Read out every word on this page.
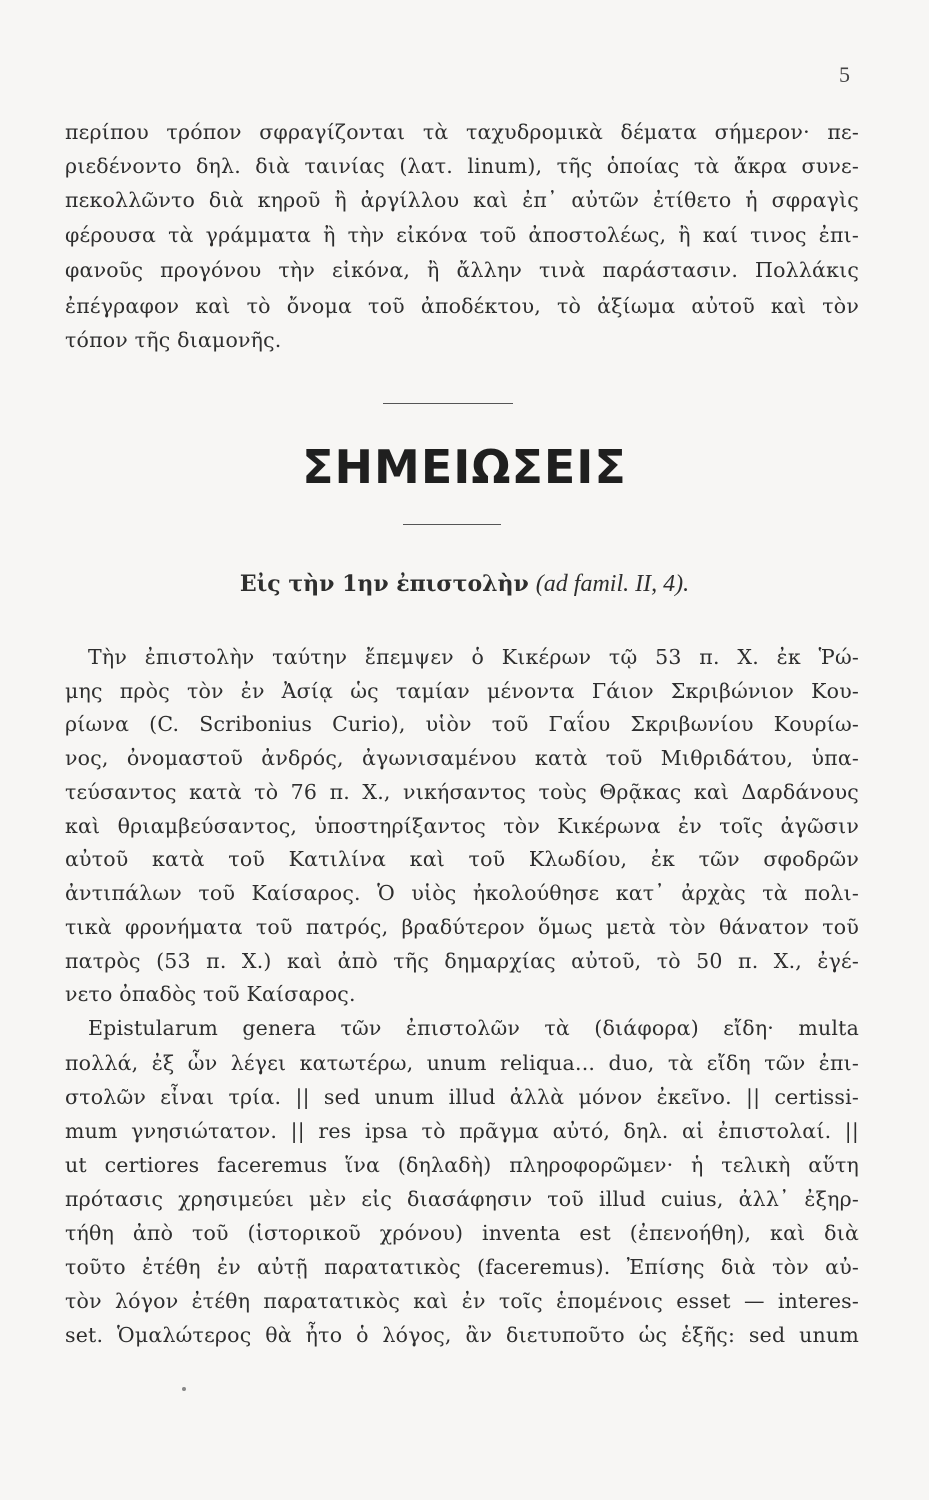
5
περίπου τρόπον σφραγίζονται τὰ ταχυδρομικὰ δέματα σήμερον· πε-
ριεδένοντο δηλ. διὰ ταινίας (λατ. linum), τῆς ὁποίας τὰ ἄκρα συνε-
πεκολλῶντο διὰ κηροῦ ἢ ἀργίλλου καὶ ἐπ᾽ αὐτῶν ἐτίθετο ἡ σφραγὶς
φέρουσα τὰ γράμματα ἢ τὴν εἰκόνα τοῦ ἀποστολέως, ἢ καί τινος ἐπι-
φανοῦς προγόνου τὴν εἰκόνα, ἢ ἄλλην τινὰ παράστασιν. Πολλάκις
ἐπέγραφον καὶ τὸ ὄνομα τοῦ ἀποδέκτου, τὸ ἀξίωμα αὐτοῦ καὶ τὸν
τόπον τῆς διαμονῆς.
ΣΗΜΕΙΩΣΕΙΣ
Εἰς τὴν 1ην ἐπιστολὴν (ad famil. II, 4).
Τὴν ἐπιστολὴν ταύτην ἔπεμψεν ὁ Κικέρων τῷ 53 π. Χ. ἐκ Ῥώ-
μης πρὸς τὸν ἐν Ἀσίᾳ ὡς ταμίαν μένοντα Γάιον Σκριβώνιον Κου-
ρίωνα (C. Scribonius Curio), υἱὸν τοῦ Γαΐου Σκριβωνίου Κουρίω-
νος, ὀνομαστοῦ ἀνδρός, ἀγωνισαμένου κατὰ τοῦ Μιθριδάτου, ὑπα-
τεύσαντος κατὰ τὸ 76 π. Χ., νικήσαντος τοὺς Θρᾷκας καὶ Δαρδάνους
καὶ θριαμβεύσαντος, ὑποστηρίξαντος τὸν Κικέρωνα ἐν τοῖς ἀγῶσιν
αὐτοῦ κατὰ τοῦ Κατιλίνα καὶ τοῦ Κλωδίου, ἐκ τῶν σφοδρῶν
ἀντιπάλων τοῦ Καίσαρος. Ὁ υἱὸς ἠκολούθησε κατ᾽ ἀρχὰς τὰ πολι-
τικὰ φρονήματα τοῦ πατρός, βραδύτερον ὅμως μετὰ τὸν θάνατον τοῦ
πατρὸς (53 π. Χ.) καὶ ἀπὸ τῆς δημαρχίας αὐτοῦ, τὸ 50 π. Χ., ἐγέ-
νετο ὀπαδὸς τοῦ Καίσαρος.
Epistularum genera τῶν ἐπιστολῶν τὰ (διάφορα) εἴδη· multa
πολλά, ἐξ ὧν λέγει κατωτέρω, unum reliqua... duo, τὰ εἴδη τῶν ἐπι-
στολῶν εἶναι τρία. || sed unum illud ἀλλὰ μόνον ἐκεῖνο. || certissi-
mum γνησιώτατον. || res ipsa τὸ πρᾶγμα αὐτό, δηλ. αἱ ἐπιστολαί. ||
ut certiores faceremus ἵνα (δηλαδὴ) πληροφορῶμεν· ἡ τελικὴ αὕτη
πρότασις χρησιμεύει μὲν εἰς διασάφησιν τοῦ illud cuius, ἀλλ᾽ ἐξηρ-
τήθη ἀπὸ τοῦ (ἱστορικοῦ χρόνου) inventa est (ἐπενοήθη), καὶ διὰ
τοῦτο ἐτέθη ἐν αὐτῇ παρατατικὸς (faceremus). Ἐπίσης διὰ τὸν αὐ-
τὸν λόγον ἐτέθη παρατατικὸς καὶ ἐν τοῖς ἑπομένοις esset — interes-
set. Ὁμαλώτερος θὰ ἦτο ὁ λόγος, ἂν διετυποῦτο ὡς ἑξῆς: sed unum
